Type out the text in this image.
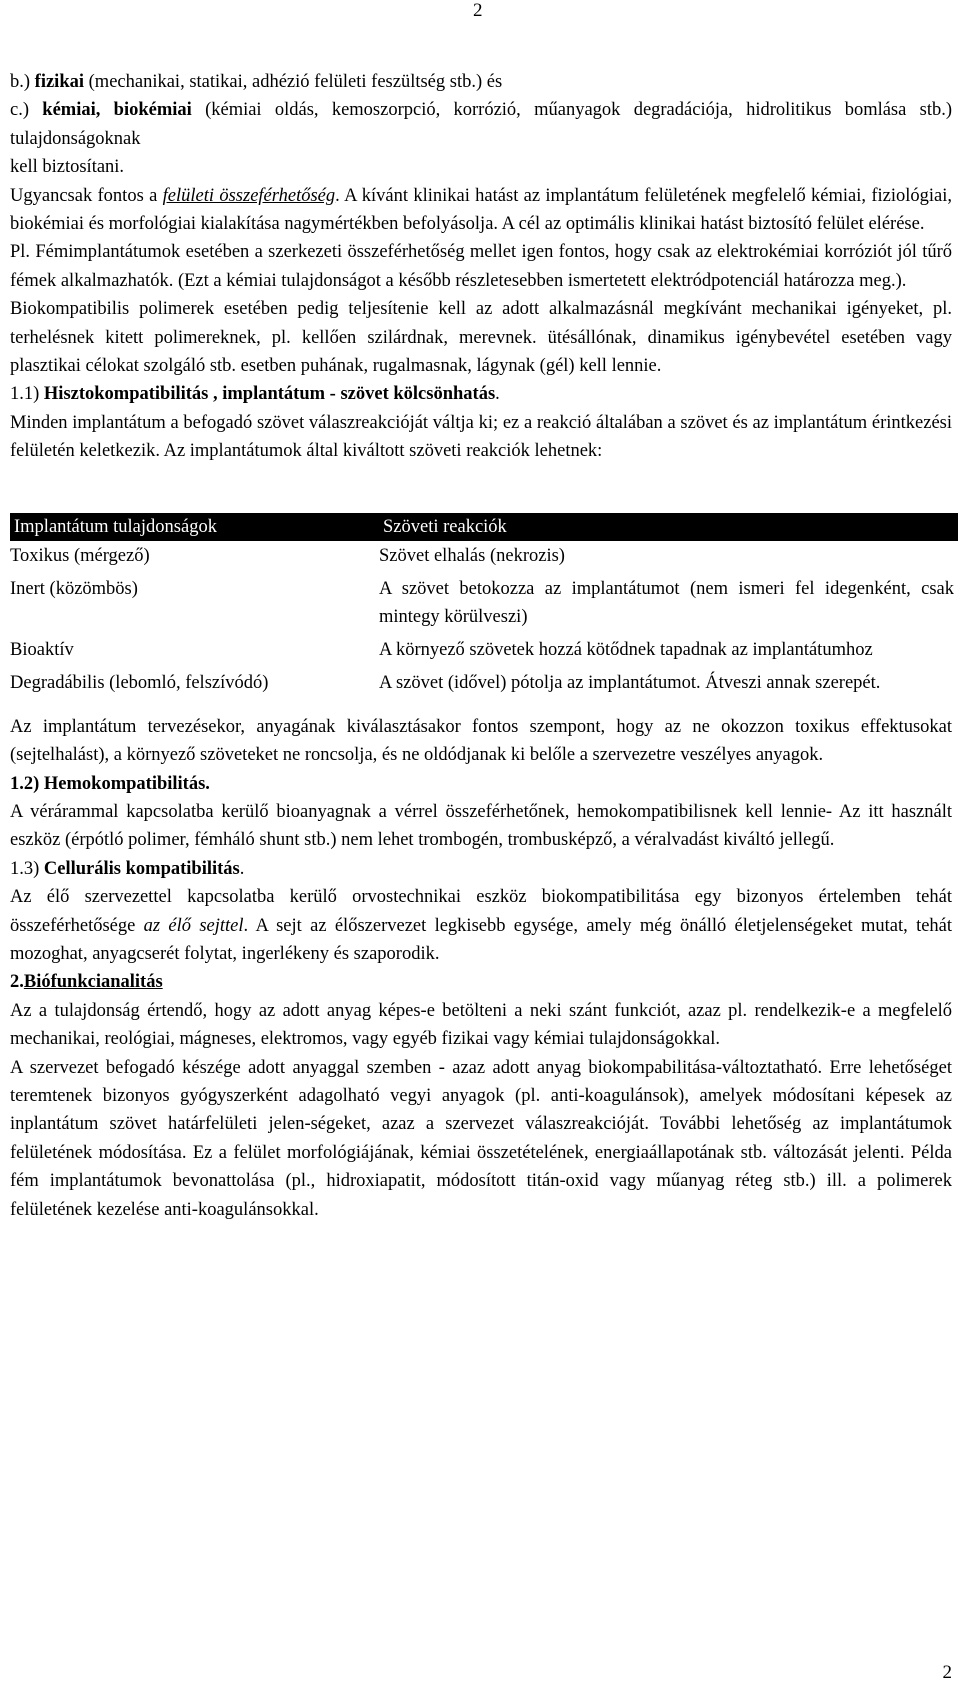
2

b.) fizikai (mechanikai, statikai, adhézió felületi feszültség stb.) és

c.) kémiai, biokémiai (kémiai oldás, kemoszorpció, korrózió, műanyagok degradációja, hidrolitikus bomlása stb.) tulajdonságoknak

kell biztosítani.

Ugyancsak fontos a felületi összeférhetőség. A kívánt klinikai hatást az implantátum felületének megfelelő kémiai, fiziológiai, biokémiai és morfológiai kialakítása nagymértékben befolyásolja. A cél az optimális klinikai hatást biztosító felület elérése.

Pl. Fémimplantátumok esetében a szerkezeti összeférhetőség mellet igen fontos, hogy csak az elektrokémiai korróziót jól tűrő fémek alkalmazhatók. (Ezt a kémiai tulajdonságot a később részletesebben ismertetett elektródpotenciál határozza meg.).

Biokompatibilis polimerek esetében pedig teljesítenie kell az adott alkalmazásnál megkívánt mechanikai igényeket, pl. terhelésnek kitett polimereknek, pl. kellően szilárdnak, merevnek. ütésállónak, dinamikus igénybevétel esetében vagy plasztikai célokat szolgáló stb. esetben puhának, rugalmasnak, lágynak (gél) kell lennie.

1.1) Hisztokompatibilitás , implantátum - szövet kölcsönhatás.

Minden implantátum a befogadó szövet válaszreakcióját váltja ki; ez a reakció általában a szövet és az implantátum érintkezési felületén keletkezik. Az implantátumok által kiváltott szöveti reakciók lehetnek:

Implantátum tulajdonságok	Szöveti reakciók
Toxikus (mérgező)	Szövet elhalás (nekrozis)
Inert (közömbös)	A szövet betokozza az implantátumot (nem ismeri fel idegenként, csak mintegy körülveszi)
Bioaktív	A környező szövetek hozzá kötődnek tapadnak az implantátumhoz
Degradábilis (lebomló, felszívódó)	A szövet (idővel) pótolja az implantátumot. Átveszi annak szerepét.

Az implantátum tervezésekor, anyagának kiválasztásakor fontos szempont, hogy az ne okozzon toxikus effektusokat (sejtelhalást), a környező szöveteket ne roncsolja, és ne oldódjanak ki belőle a szervezetre veszélyes anyagok.

1.2) Hemokompatibilitás.

A vérárammal kapcsolatba kerülő bioanyagnak a vérrel összeférhetőnek, hemokompatibilisnek kell lennie- Az itt használt eszköz (érpótló polimer, fémháló shunt stb.) nem lehet trombogén, trombusképző, a véralvadást kiváltó jellegű.

1.3) Cellurális kompatibilitás.

Az élő szervezettel kapcsolatba kerülő orvostechnikai eszköz biokompatibilitása egy bizonyos értelemben tehát összeférhetősége az élő sejttel. A sejt az élőszervezet legkisebb egysége, amely még önálló életjelenségeket mutat, tehát mozoghat, anyagcserét folytat, ingerlékeny és szaporodik.

2.Biófunkcianalitás

Az a tulajdonság értendő, hogy az adott anyag képes-e betölteni a neki szánt funkciót, azaz pl. rendelkezik-e a megfelelő mechanikai, reológiai, mágneses, elektromos, vagy egyéb fizikai vagy kémiai tulajdonságokkal.

A szervezet befogadó készége adott anyaggal szemben - azaz adott anyag biokompabilitása-változtatható. Erre lehetőséget teremtenek bizonyos gyógyszerként adagolható vegyi anyagok (pl. anti-koagulánsok), amelyek módosítani képesek az inplantátum szövet határfelületi jelen-ségeket, azaz a szervezet válaszreakcióját. További lehetőség az implantátumok felületének módosítása. Ez a felület morfológiájának, kémiai összetételének, energiaállapotának stb. változását jelenti. Példa fém implantátumok bevonattolása (pl., hidroxiapatit, módosított titán-oxid vagy műanyag réteg stb.) ill. a polimerek felületének kezelése anti-koagulánsokkal.

2
